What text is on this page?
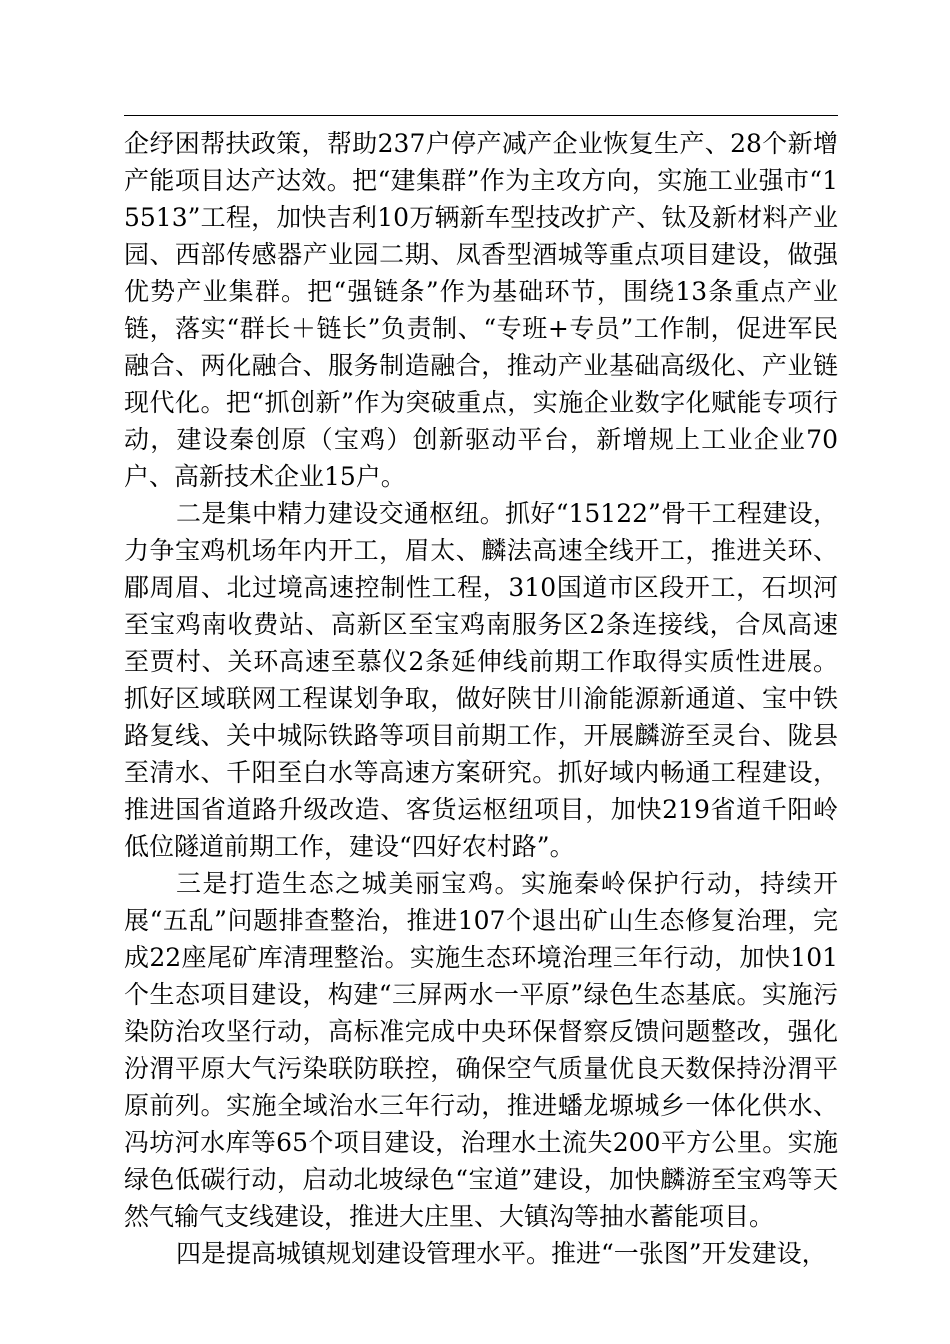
企纾困帮扶政策，帮助237户停产减产企业恢复生产、28个新增产能项目达产达效。把“建集群”作为主攻方向，实施工业强市“15513”工程，加快吉利10万辆新车型技改扩产、钛及新材料产业园、西部传感器产业园二期、凤香型酒城等重点项目建设，做强优势产业集群。把“强链条”作为基础环节，围绕13条重点产业链，落实“群长＋链长”负责制、“专班+专员”工作制，促进军民融合、两化融合、服务制造融合，推动产业基础高级化、产业链现代化。把“抓创新”作为突破重点，实施企业数字化赋能专项行动，建设秦创原（宝鸡）创新驱动平台，新增规上工业企业70户、高新技术企业15户。

二是集中精力建设交通枢纽。抓好“15122”骨干工程建设，力争宝鸡机场年内开工，眉太、麟法高速全线开工，推进关环、郿周眉、北过境高速控制性工程，310国道市区段开工，石坝河至宝鸡南收费站、高新区至宝鸡南服务区2条连接线，合凤高速至贾村、关环高速至慕仪2条延伸线前期工作取得实质性进展。抓好区域联网工程谋划争取，做好陕甘川渝能源新通道、宝中铁路复线、关中城际铁路等项目前期工作，开展麟游至灵台、陇县至清水、千阳至白水等高速方案研究。抓好域内畅通工程建设，推进国省道路升级改造、客货运枢纽项目，加快219省道千阳岭低位隧道前期工作，建设“四好农村路”。

三是打造生态之城美丽宝鸡。实施秦岭保护行动，持续开展“五乱”问题排查整治，推进107个退出矿山生态修复治理，完成22座尾矿库清理整治。实施生态环境治理三年行动，加快101个生态项目建设，构建“三屏两水一平原”绿色生态基底。实施污染防治攻坚行动，高标准完成中央环保督察反馈问题整改，强化汾渭平原大气污染联防联控，确保空气质量优良天数保持汾渭平原前列。实施全域治水三年行动，推进蟠龙塬城乡一体化供水、冯坊河水库等65个项目建设，治理水土流失200平方公里。实施绿色低碳行动，启动北坡绿色“宝道”建设，加快麟游至宝鸡等天然气输气支线建设，推进大庄里、大镇沟等抽水蓄能项目。

四是提高城镇规划建设管理水平。推进“一张图”开发建设，
